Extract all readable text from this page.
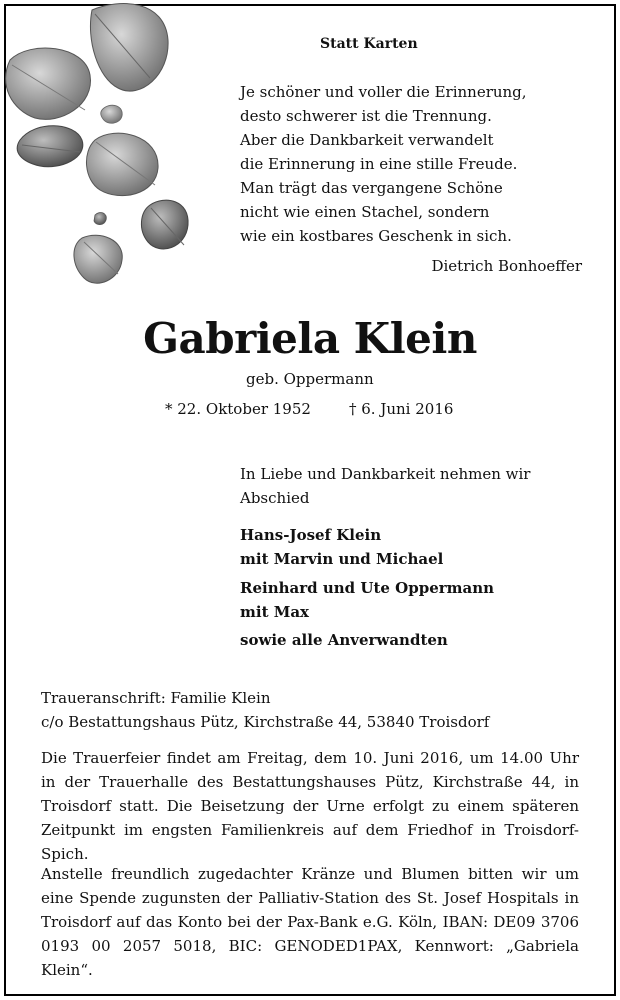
Statt Karten
Je schöner und voller die Erinnerung,
desto schwerer ist die Trennung.
Aber die Dankbarkeit verwandelt
die Erinnerung in eine stille Freude.
Man trägt das vergangene Schöne
nicht wie einen Stachel, sondern
wie ein kostbares Geschenk in sich.
Dietrich Bonhoeffer
Gabriela Klein
geb. Oppermann
* 22. Oktober 1952	† 6. Juni 2016
In Liebe und Dankbarkeit nehmen wir
Abschied
Hans-Josef Klein
mit Marvin und Michael
Reinhard und Ute Oppermann
mit Max
sowie alle Anverwandten
Traueranschrift: Familie Klein
c/o Bestattungshaus Pütz, Kirchstraße 44, 53840 Troisdorf
Die Trauerfeier findet am Freitag, dem 10. Juni 2016, um 14.00 Uhr in der Trauerhalle des Bestattungshauses Pütz, Kirchstraße 44, in Troisdorf statt. Die Beisetzung der Urne erfolgt zu einem späteren Zeitpunkt im engsten Familienkreis auf dem Friedhof in Troisdorf-Spich.
Anstelle freundlich zugedachter Kränze und Blumen bitten wir um eine Spende zugunsten der Palliativ-Station des St. Josef Hospitals in Troisdorf auf das Konto bei der Pax-Bank e.G. Köln, IBAN: DE09 3706 0193 00 2057 5018, BIC: GENODED1PAX, Kennwort: „Gabriela Klein“.
